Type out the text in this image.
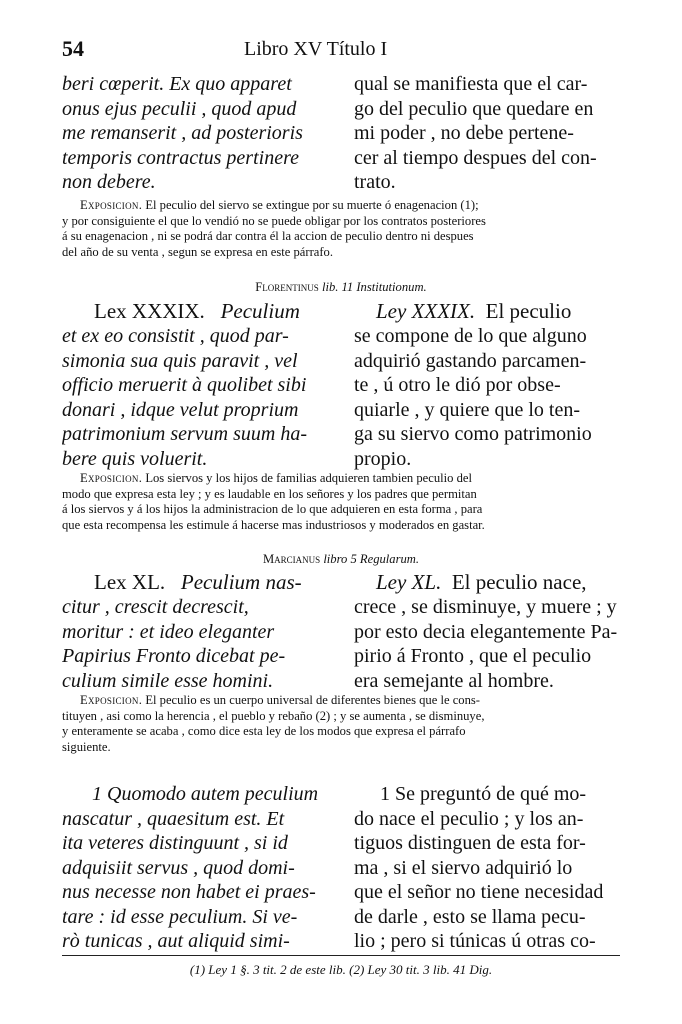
54	Libro XV Título I
beri cœperit. Ex quo apparet
onus ejus peculii , quod apud
me remanserit , ad posterioris
temporis contractus pertinere
non debere.
qual se manifiesta que el car-
go del peculio que quedare en
mi poder , no debe pertene-
cer al tiempo despues del con-
trato.
Exposicion. El peculio del siervo se extingue por su muerte ó enagenacion (1);
y por consiguiente el que lo vendió no se puede obligar por los contratos posteriores
á su enagenacion , ni se podrá dar contra él la accion de peculio dentro ni despues
del año de su venta , segun se expresa en este párrafo.
Florentinus lib. 11 Institutionum.
Lex XXXIX. Peculium
et ex eo consistit , quod par-
simonia sua quis paravit , vel
officio meruerit à quolibet sibi
donari , idque velut proprium
patrimonium servum suum ha-
bere quis voluerit.
Ley XXXIX. El peculio
se compone de lo que alguno
adquirió gastando parcamen-
te , ú otro le dió por obse-
quiarle , y quiere que lo ten-
ga su siervo como patrimonio
propio.
Exposicion. Los siervos y los hijos de familias adquieren tambien peculio del
modo que expresa esta ley ; y es laudable en los señores y los padres que permitan
á los siervos y á los hijos la administracion de lo que adquieren en esta forma , para
que esta recompensa les estimule á hacerse mas industriosos y moderados en gastar.
Marcianus libro 5 Regularum.
Lex XL. Peculium nas-
citur , crescit decrescit,
moritur : et ideo eleganter
Papirius Fronto dicebat pe-
culium simile esse homini.
Ley XL. El peculio nace,
crece , se disminuye, y muere ; y
por esto decia elegantemente Pa-
pirio á Fronto , que el peculio
era semejante al hombre.
Exposicion. El peculio es un cuerpo universal de diferentes bienes que le cons-
tituyen , asi como la herencia , el pueblo y rebaño (2) ; y se aumenta , se disminuye,
y enteramente se acaba , como dice esta ley de los modos que expresa el párrafo
siguiente.
1 Quomodo autem peculium
nascatur , quaesitum est. Et
ita veteres distinguunt , si id
adquisiit servus , quod domi-
nus necesse non habet ei praes-
tare : id esse peculium. Si ve-
rò tunicas , aut aliquid simi-
1 Se preguntó de qué mo-
do nace el peculio ; y los an-
tiguos distinguen de esta for-
ma , si el siervo adquirió lo
que el señor no tiene necesidad
de darle , esto se llama pecu-
lio ; pero si túnicas ú otras co-
(1) Ley 1 §. 3 tit. 2 de este lib. (2) Ley 30 tit. 3 lib. 41 Dig.
